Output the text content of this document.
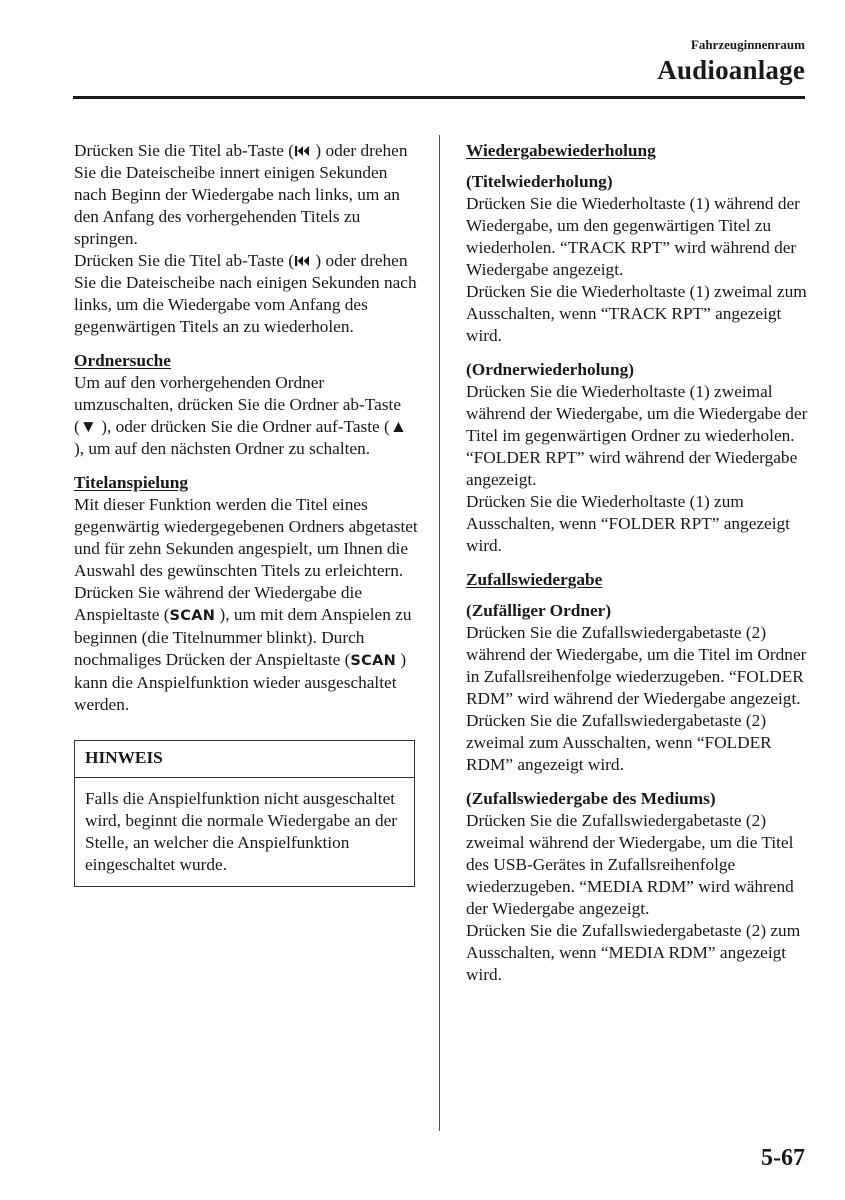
Fahrzeuginnenraum
Audioanlage

Drücken Sie die Titel ab-Taste ( ) oder drehen Sie die Dateischeibe innert einigen Sekunden nach Beginn der Wiedergabe nach links, um an den Anfang des vorhergehenden Titels zu springen.

Drücken Sie die Titel ab-Taste ( ) oder drehen Sie die Dateischeibe nach einigen Sekunden nach links, um die Wiedergabe vom Anfang des gegenwärtigen Titels an zu wiederholen.

Ordnersuche

Um auf den vorhergehenden Ordner umzuschalten, drücken Sie die Ordner ab-Taste (▼ ), oder drücken Sie die Ordner auf-Taste (▲ ), um auf den nächsten Ordner zu schalten.

Titelanspielung

Mit dieser Funktion werden die Titel eines gegenwärtig wiedergegebenen Ordners abgetastet und für zehn Sekunden angespielt, um Ihnen die Auswahl des gewünschten Titels zu erleichtern.

Drücken Sie während der Wiedergabe die Anspieltaste (SCAN ), um mit dem Anspielen zu beginnen (die Titelnummer blinkt). Durch nochmaliges Drücken der Anspieltaste (SCAN ) kann die Anspielfunktion wieder ausgeschaltet werden.

HINWEIS
Falls die Anspielfunktion nicht ausgeschaltet wird, beginnt die normale Wiedergabe an der Stelle, an welcher die Anspielfunktion eingeschaltet wurde.

Wiedergabewiederholung

(Titelwiederholung)

Drücken Sie die Wiederholtaste (1) während der Wiedergabe, um den gegenwärtigen Titel zu wiederholen. “TRACK RPT” wird während der Wiedergabe angezeigt.

Drücken Sie die Wiederholtaste (1) zweimal zum Ausschalten, wenn “TRACK RPT” angezeigt wird.

(Ordnerwiederholung)

Drücken Sie die Wiederholtaste (1) zweimal während der Wiedergabe, um die Wiedergabe der Titel im gegenwärtigen Ordner zu wiederholen. “FOLDER RPT” wird während der Wiedergabe angezeigt.

Drücken Sie die Wiederholtaste (1) zum Ausschalten, wenn “FOLDER RPT” angezeigt wird.

Zufallswiedergabe

(Zufälliger Ordner)

Drücken Sie die Zufallswiedergabetaste (2) während der Wiedergabe, um die Titel im Ordner in Zufallsreihenfolge wiederzugeben. “FOLDER RDM” wird während der Wiedergabe angezeigt.

Drücken Sie die Zufallswiedergabetaste (2) zweimal zum Ausschalten, wenn “FOLDER RDM” angezeigt wird.

(Zufallswiedergabe des Mediums)

Drücken Sie die Zufallswiedergabetaste (2) zweimal während der Wiedergabe, um die Titel des USB-Gerätes in Zufallsreihenfolge wiederzugeben. “MEDIA RDM” wird während der Wiedergabe angezeigt.

Drücken Sie die Zufallswiedergabetaste (2) zum Ausschalten, wenn “MEDIA RDM” angezeigt wird.

5-67
